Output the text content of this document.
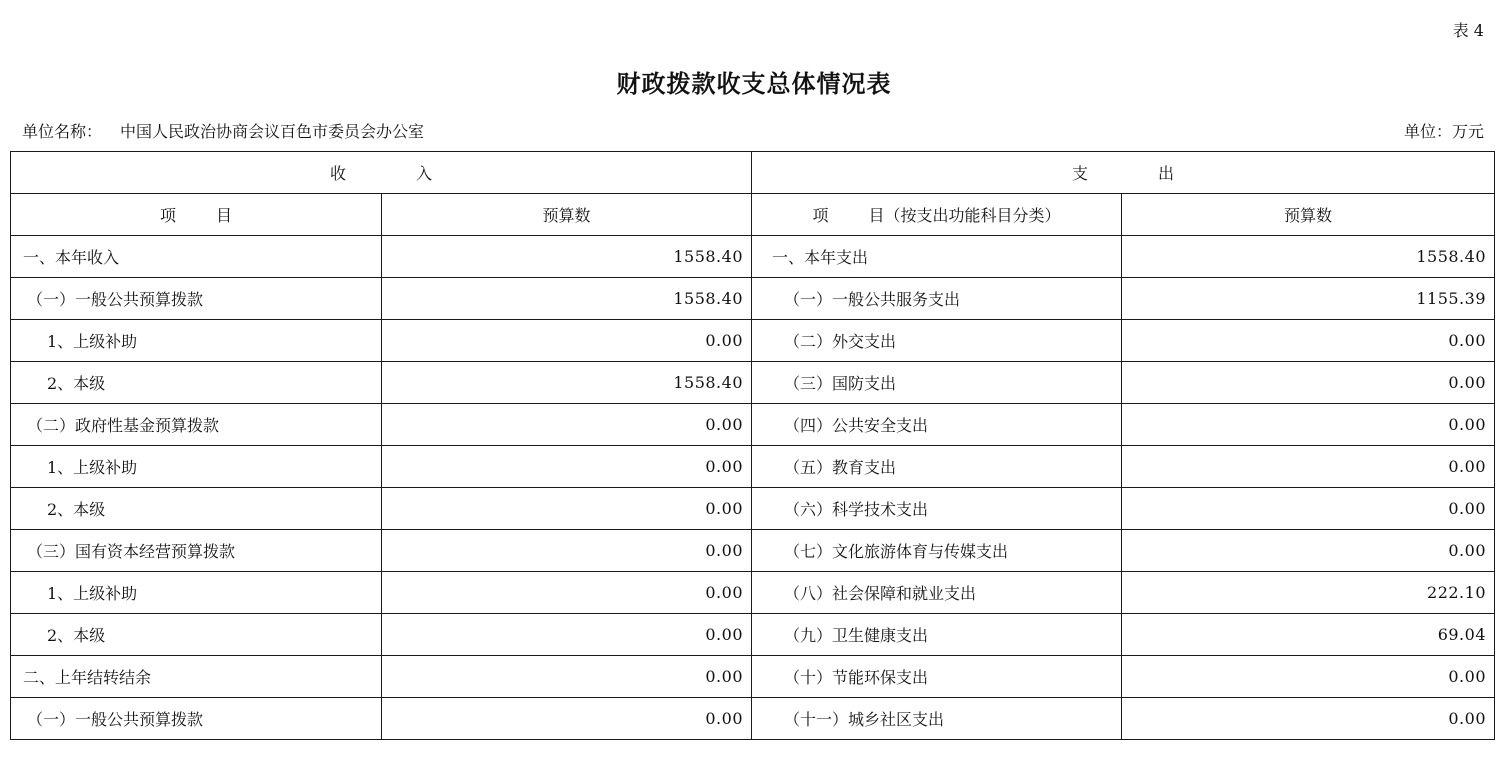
表 4
财政拨款收支总体情况表
单位名称： 中国人民政治协商会议百色市委员会办公室	单位：万元
收 入		支 出	
项 目	预算数	项 目（按支出功能科目分类）	预算数
一、本年收入	1558.40	一、本年支出	1558.40
（一）一般公共预算拨款	1558.40	（一）一般公共服务支出	1155.39
1、上级补助	0.00	（二）外交支出	0.00
2、本级	1558.40	（三）国防支出	0.00
（二）政府性基金预算拨款	0.00	（四）公共安全支出	0.00
1、上级补助	0.00	（五）教育支出	0.00
2、本级	0.00	（六）科学技术支出	0.00
（三）国有资本经营预算拨款	0.00	（七）文化旅游体育与传媒支出	0.00
1、上级补助	0.00	（八）社会保障和就业支出	222.10
2、本级	0.00	（九）卫生健康支出	69.04
二、上年结转结余	0.00	（十）节能环保支出	0.00
（一）一般公共预算拨款	0.00	（十一）城乡社区支出	0.00
